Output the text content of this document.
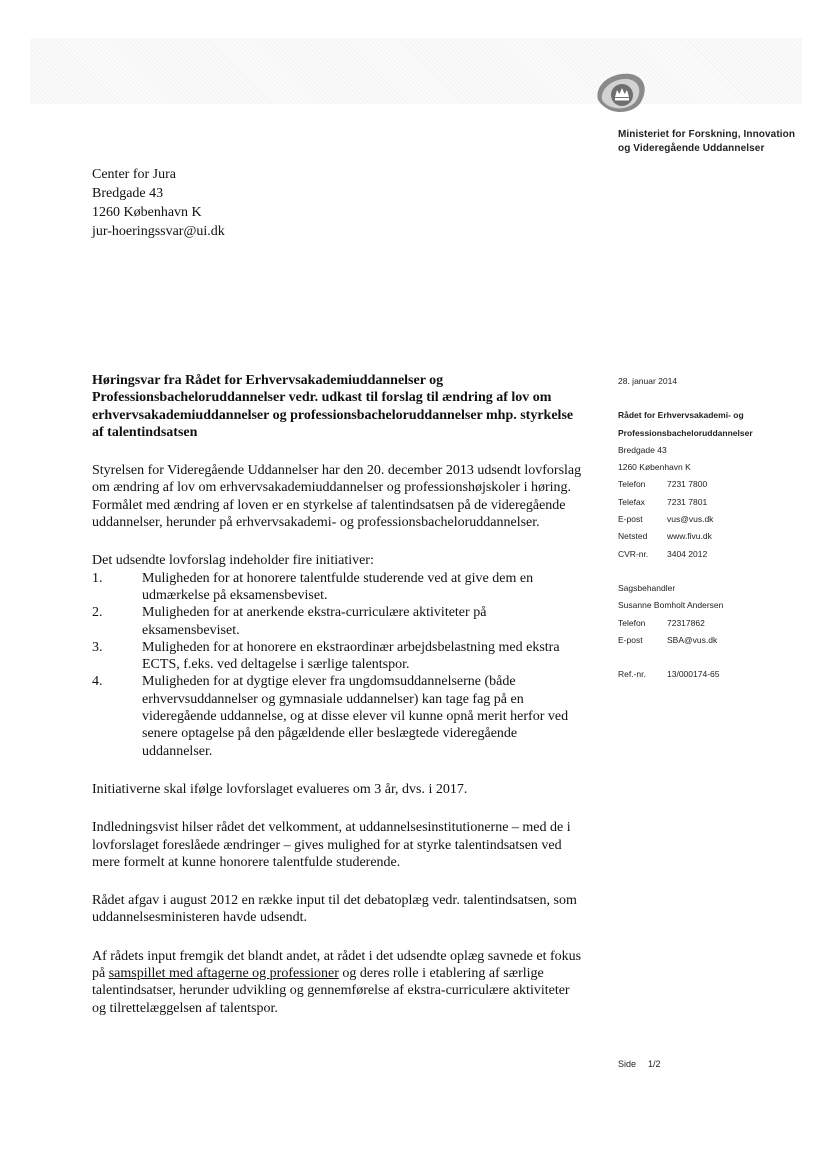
Ministeriet for Forskning, Innovation
og Videregående Uddannelser
Center for Jura
Bredgade 43
1260 København K
jur-hoeringssvar@ui.dk
Høringsvar fra Rådet for Erhvervsakademiuddannelser og Professionsbacheloruddannelser vedr. udkast til forslag til ændring af lov om erhvervsakademiuddannelser og professionsbacheloruddannelser mhp. styrkelse af talentindsatsen
Styrelsen for Videregående Uddannelser har den 20. december 2013 udsendt lovforslag om ændring af lov om erhvervsakademiuddannelser og professionshøjskoler i høring. Formålet med ændring af loven er en styrkelse af talentindsatsen på de videregående uddannelser, herunder på erhvervsakademi- og professionsbacheloruddannelser.
Det udsendte lovforslag indeholder fire initiativer:
1.	Muligheden for at honorere talentfulde studerende ved at give dem en udmærkelse på eksamensbeviset.
2.	Muligheden for at anerkende ekstra-curriculære aktiviteter på eksamensbeviset.
3.	Muligheden for at honorere en ekstraordinær arbejdsbelastning med ekstra ECTS, f.eks. ved deltagelse i særlige talentspor.
4.	Muligheden for at dygtige elever fra ungdomsuddannelserne (både erhvervsuddannelser og gymnasiale uddannelser) kan tage fag på en videregående uddannelse, og at disse elever vil kunne opnå merit herfor ved senere optagelse på den pågældende eller beslægtede videregående uddannelser.
Initiativerne skal ifølge lovforslaget evalueres om 3 år, dvs. i 2017.
Indledningsvist hilser rådet det velkomment, at uddannelsesinstitutionerne – med de i lovforslaget foreslåede ændringer – gives mulighed for at styrke talentindsatsen ved mere formelt at kunne honorere talentfulde studerende.
Rådet afgav i august 2012 en række input til det debatoplæg vedr. talentindsatsen, som uddannelsesministeren havde udsendt.
Af rådets input fremgik det blandt andet, at rådet i det udsendte oplæg savnede et fokus på samspillet med aftagerne og professioner og deres rolle i etablering af særlige talentindsatser, herunder udvikling og gennemførelse af ekstra-curriculære aktiviteter og tilrettelæggelsen af talentspor.
28. januar 2014
Rådet for Erhvervsakademi- og
Professionsbacheloruddannelser
Bredgade 43
1260 København K
Telefon	7231 7800
Telefax	7231 7801
E-post	vus@vus.dk
Netsted	www.fivu.dk
CVR-nr.	3404 2012
Sagsbehandler
Susanne Bomholt Andersen
Telefon	72317862
E-post	SBA@vus.dk
Ref.-nr.	13/000174-65
Side 1/2
